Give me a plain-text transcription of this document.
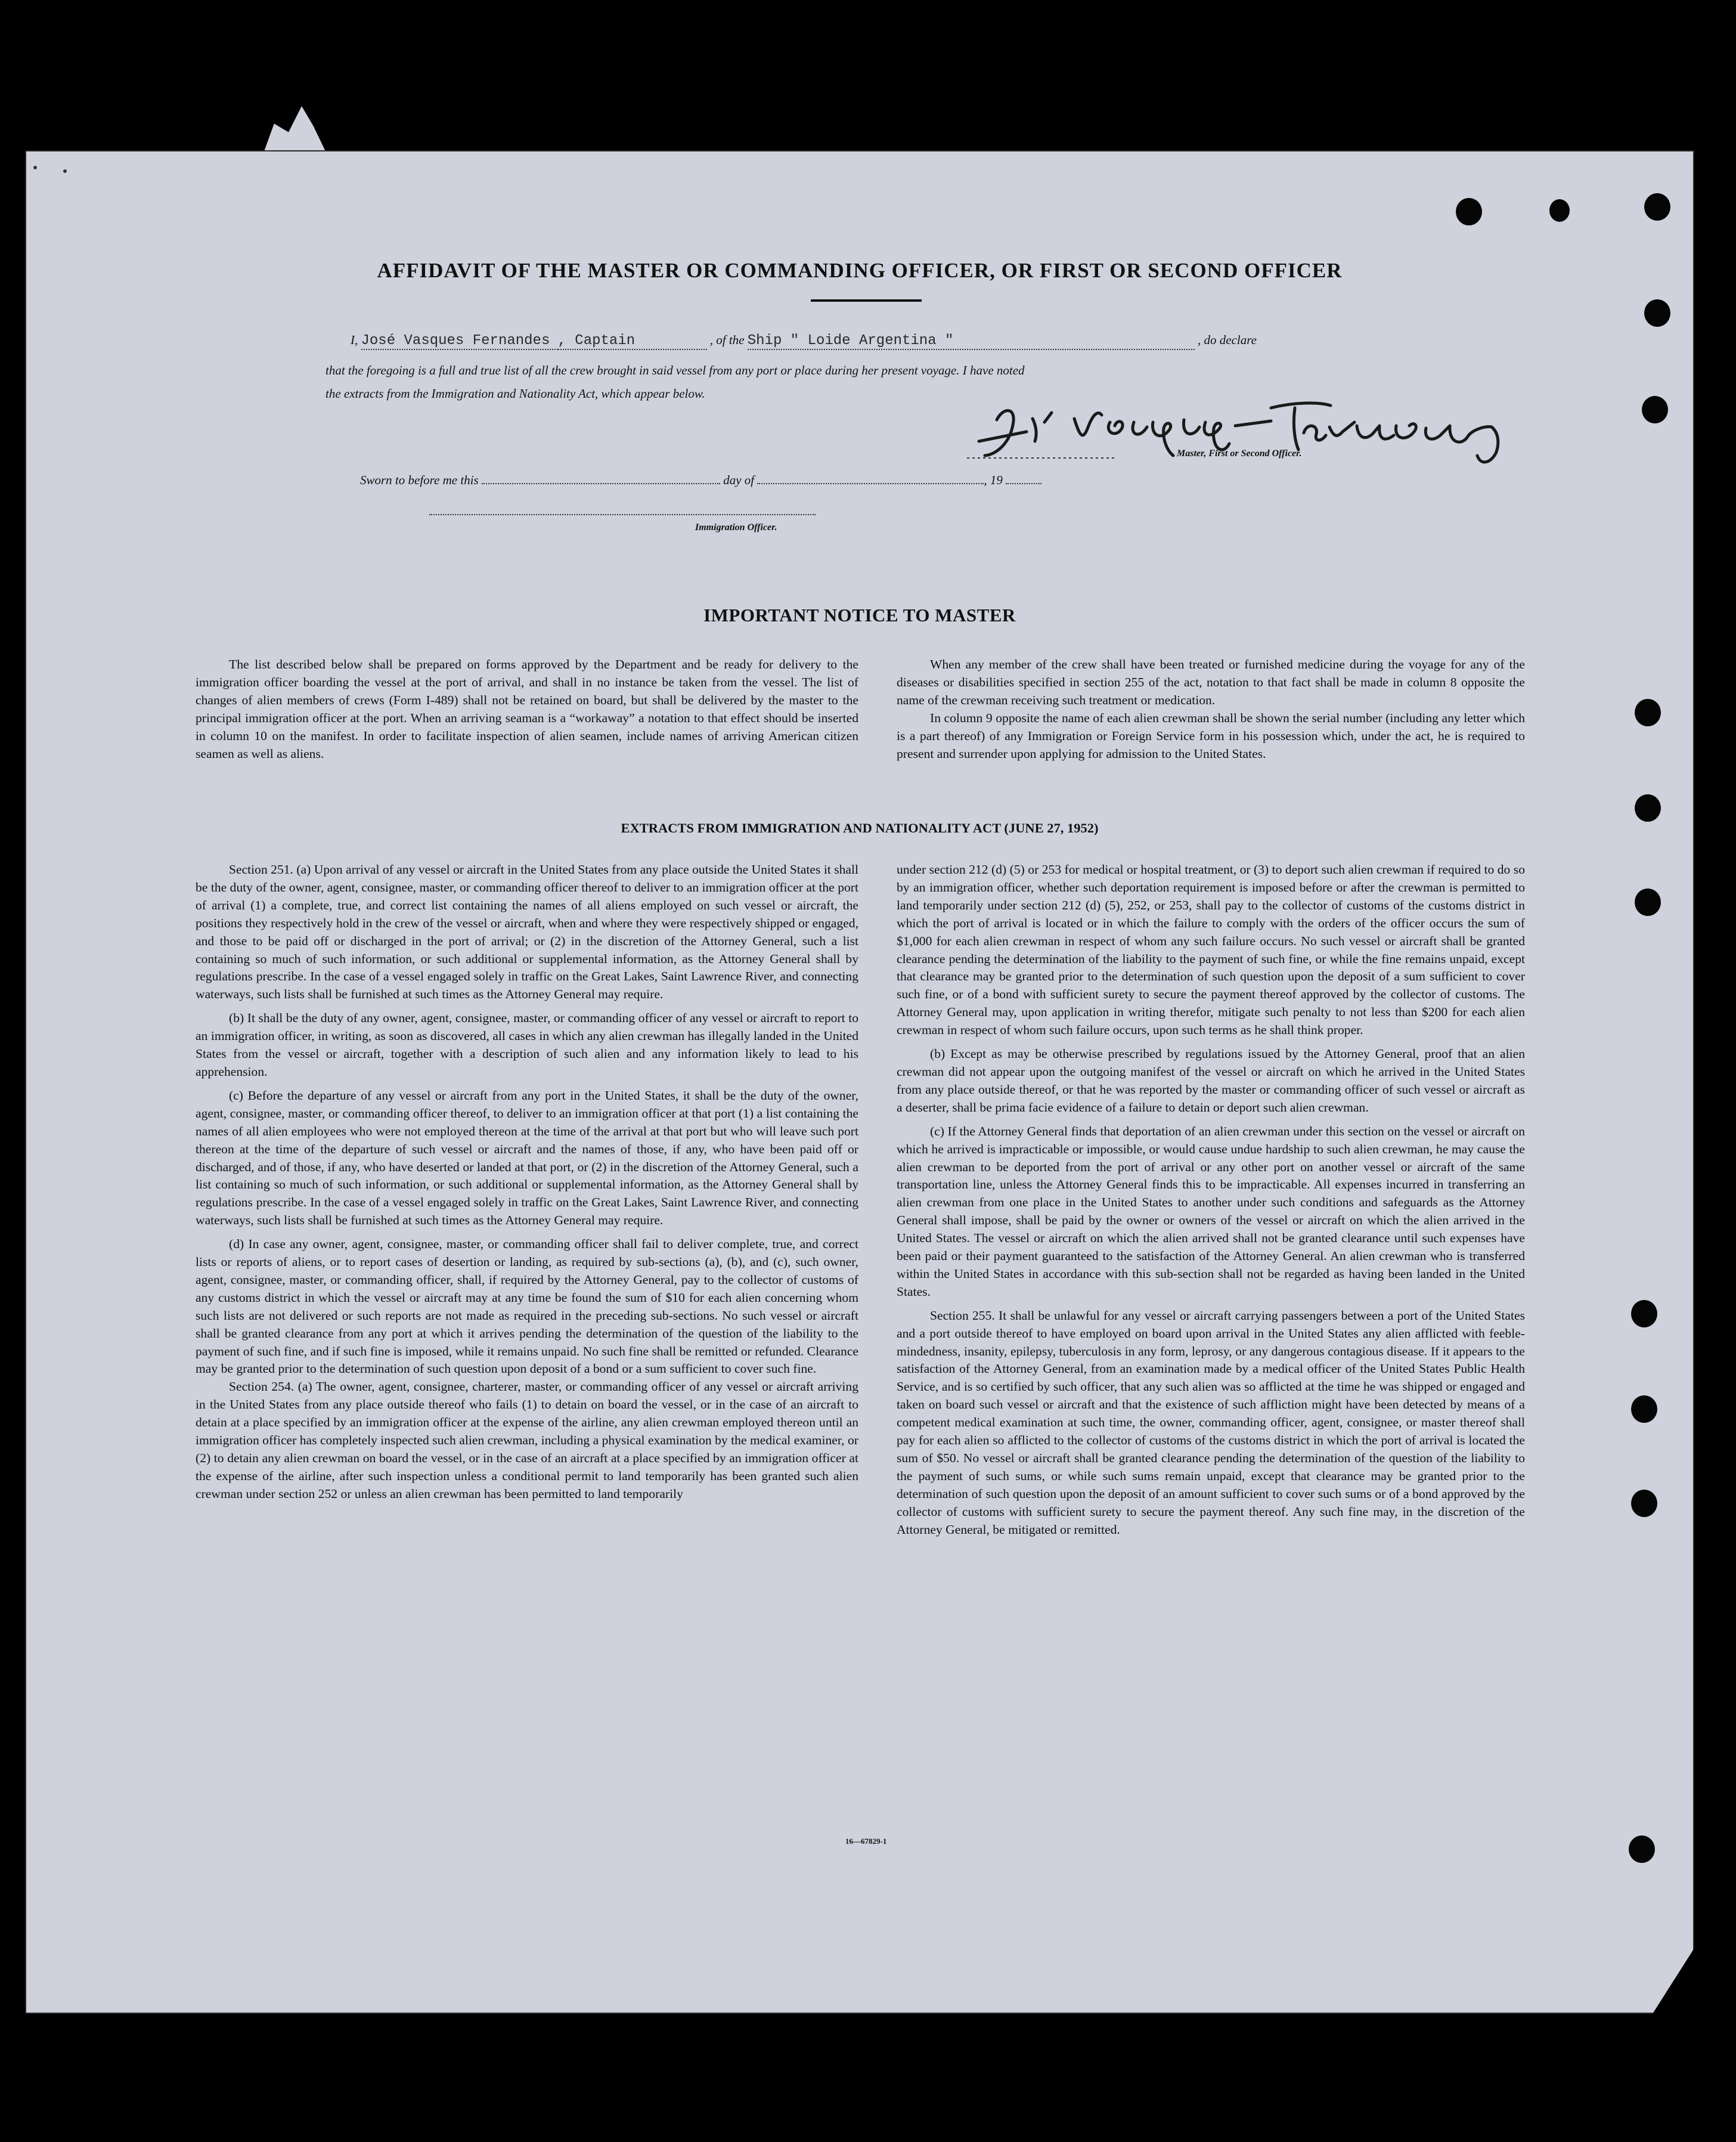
AFFIDAVIT OF THE MASTER OR COMMANDING OFFICER, OR FIRST OR SECOND OFFICER
I, José Vasques Fernandes , Captain	, of the Ship " Loide Argentina "	, do declare
that the foregoing is a full and true list of all the crew brought in said vessel from any port or place during her present voyage. I have noted
the extracts from the Immigration and Nationality Act, which appear below.
Master, First or Second Officer.
Sworn to before me this	day of	, 19
Immigration Officer.
IMPORTANT NOTICE TO MASTER

The list described below shall be prepared on forms approved by the Department and be ready for delivery to the immigration officer boarding the vessel at the port of arrival, and shall in no instance be taken from the vessel. The list of changes of alien members of crews (Form I-489) shall not be retained on board, but shall be delivered by the master to the principal immigration officer at the port. When an arriving seaman is a “workaway” a notation to that effect should be inserted in column 10 on the manifest. In order to facilitate inspection of alien seamen, include names of arriving American citizen seamen as well as aliens.

When any member of the crew shall have been treated or furnished medicine during the voyage for any of the diseases or disabilities specified in section 255 of the act, notation to that fact shall be made in column 8 opposite the name of the crewman receiving such treatment or medication.

In column 9 opposite the name of each alien crewman shall be shown the serial number (including any letter which is a part thereof) of any Immigration or Foreign Service form in his possession which, under the act, he is required to present and surrender upon applying for admission to the United States.

EXTRACTS FROM IMMIGRATION AND NATIONALITY ACT (JUNE 27, 1952)

Section 251. (a) Upon arrival of any vessel or aircraft in the United States from any place outside the United States it shall be the duty of the owner, agent, consignee, master, or commanding officer thereof to deliver to an immigration officer at the port of arrival (1) a complete, true, and correct list containing the names of all aliens employed on such vessel or aircraft, the positions they respectively hold in the crew of the vessel or aircraft, when and where they were respectively shipped or engaged, and those to be paid off or discharged in the port of arrival; or (2) in the discretion of the Attorney General, such a list containing so much of such information, or such additional or supplemental information, as the Attorney General shall by regulations prescribe. In the case of a vessel engaged solely in traffic on the Great Lakes, Saint Lawrence River, and connecting waterways, such lists shall be furnished at such times as the Attorney General may require.

(b) It shall be the duty of any owner, agent, consignee, master, or commanding officer of any vessel or aircraft to report to an immigration officer, in writing, as soon as discovered, all cases in which any alien crewman has illegally landed in the United States from the vessel or aircraft, together with a description of such alien and any information likely to lead to his apprehension.

(c) Before the departure of any vessel or aircraft from any port in the United States, it shall be the duty of the owner, agent, consignee, master, or commanding officer thereof, to deliver to an immigration officer at that port (1) a list containing the names of all alien employees who were not employed thereon at the time of the arrival at that port but who will leave such port thereon at the time of the departure of such vessel or aircraft and the names of those, if any, who have been paid off or discharged, and of those, if any, who have deserted or landed at that port, or (2) in the discretion of the Attorney General, such a list containing so much of such information, or such additional or supplemental information, as the Attorney General shall by regulations prescribe. In the case of a vessel engaged solely in traffic on the Great Lakes, Saint Lawrence River, and connecting waterways, such lists shall be furnished at such times as the Attorney General may require.

(d) In case any owner, agent, consignee, master, or commanding officer shall fail to deliver complete, true, and correct lists or reports of aliens, or to report cases of desertion or landing, as required by sub-sections (a), (b), and (c), such owner, agent, consignee, master, or commanding officer, shall, if required by the Attorney General, pay to the collector of customs of any customs district in which the vessel or aircraft may at any time be found the sum of $10 for each alien concerning whom such lists are not delivered or such reports are not made as required in the preceding sub-sections. No such vessel or aircraft shall be granted clearance from any port at which it arrives pending the determination of the question of the liability to the payment of such fine, and if such fine is imposed, while it remains unpaid. No such fine shall be remitted or refunded. Clearance may be granted prior to the determination of such question upon deposit of a bond or a sum sufficient to cover such fine.

Section 254. (a) The owner, agent, consignee, charterer, master, or commanding officer of any vessel or aircraft arriving in the United States from any place outside thereof who fails (1) to detain on board the vessel, or in the case of an aircraft to detain at a place specified by an immigration officer at the expense of the airline, any alien crewman employed thereon until an immigration officer has completely inspected such alien crewman, including a physical examination by the medical examiner, or (2) to detain any alien crewman on board the vessel, or in the case of an aircraft at a place specified by an immigration officer at the expense of the airline, after such inspection unless a conditional permit to land temporarily has been granted such alien crewman under section 252 or unless an alien crewman has been permitted to land temporarily

under section 212 (d) (5) or 253 for medical or hospital treatment, or (3) to deport such alien crewman if required to do so by an immigration officer, whether such deportation requirement is imposed before or after the crewman is permitted to land temporarily under section 212 (d) (5), 252, or 253, shall pay to the collector of customs of the customs district in which the port of arrival is located or in which the failure to comply with the orders of the officer occurs the sum of $1,000 for each alien crewman in respect of whom any such failure occurs. No such vessel or aircraft shall be granted clearance pending the determination of the liability to the payment of such fine, or while the fine remains unpaid, except that clearance may be granted prior to the determination of such question upon the deposit of a sum sufficient to cover such fine, or of a bond with sufficient surety to secure the payment thereof approved by the collector of customs. The Attorney General may, upon application in writing therefor, mitigate such penalty to not less than $200 for each alien crewman in respect of whom such failure occurs, upon such terms as he shall think proper.

(b) Except as may be otherwise prescribed by regulations issued by the Attorney General, proof that an alien crewman did not appear upon the outgoing manifest of the vessel or aircraft on which he arrived in the United States from any place outside thereof, or that he was reported by the master or commanding officer of such vessel or aircraft as a deserter, shall be prima facie evidence of a failure to detain or deport such alien crewman.

(c) If the Attorney General finds that deportation of an alien crewman under this section on the vessel or aircraft on which he arrived is impracticable or impossible, or would cause undue hardship to such alien crewman, he may cause the alien crewman to be deported from the port of arrival or any other port on another vessel or aircraft of the same transportation line, unless the Attorney General finds this to be impracticable. All expenses incurred in transferring an alien crewman from one place in the United States to another under such conditions and safeguards as the Attorney General shall impose, shall be paid by the owner or owners of the vessel or aircraft on which the alien arrived in the United States. The vessel or aircraft on which the alien arrived shall not be granted clearance until such expenses have been paid or their payment guaranteed to the satisfaction of the Attorney General. An alien crewman who is transferred within the United States in accordance with this sub-section shall not be regarded as having been landed in the United States.

Section 255. It shall be unlawful for any vessel or aircraft carrying passengers between a port of the United States and a port outside thereof to have employed on board upon arrival in the United States any alien afflicted with feeble-mindedness, insanity, epilepsy, tuberculosis in any form, leprosy, or any dangerous contagious disease. If it appears to the satisfaction of the Attorney General, from an examination made by a medical officer of the United States Public Health Service, and is so certified by such officer, that any such alien was so afflicted at the time he was shipped or engaged and taken on board such vessel or aircraft and that the existence of such affliction might have been detected by means of a competent medical examination at such time, the owner, commanding officer, agent, consignee, or master thereof shall pay for each alien so afflicted to the collector of customs of the customs district in which the port of arrival is located the sum of $50. No vessel or aircraft shall be granted clearance pending the determination of the question of the liability to the payment of such sums, or while such sums remain unpaid, except that clearance may be granted prior to the determination of such question upon the deposit of an amount sufficient to cover such sums or of a bond approved by the collector of customs with sufficient surety to secure the payment thereof. Any such fine may, in the discretion of the Attorney General, be mitigated or remitted.

16—67829-1
